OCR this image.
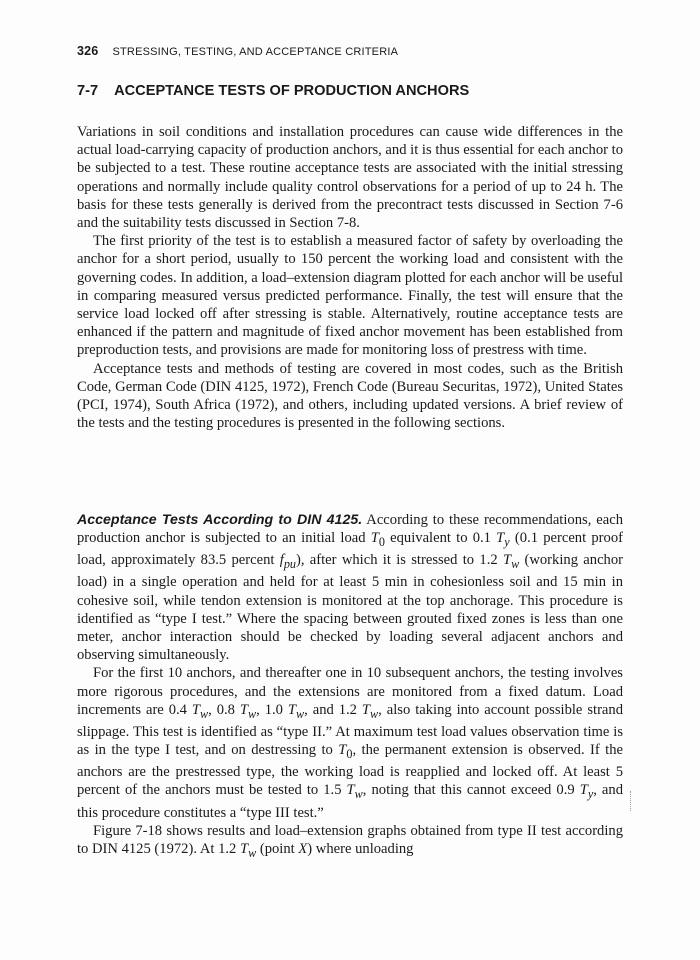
326 STRESSING, TESTING, AND ACCEPTANCE CRITERIA
7-7 ACCEPTANCE TESTS OF PRODUCTION ANCHORS

Variations in soil conditions and installation procedures can cause wide differences in the actual load-carrying capacity of production anchors, and it is thus essential for each anchor to be subjected to a test. These routine acceptance tests are associated with the initial stressing operations and normally include quality control observations for a period of up to 24 h. The basis for these tests generally is derived from the precontract tests discussed in Section 7-6 and the suitability tests discussed in Section 7-8.

The first priority of the test is to establish a measured factor of safety by overloading the anchor for a short period, usually to 150 percent the working load and consistent with the governing codes. In addition, a load–extension diagram plotted for each anchor will be useful in comparing measured versus predicted performance. Finally, the test will ensure that the service load locked off after stressing is stable. Alternatively, routine acceptance tests are enhanced if the pattern and magnitude of fixed anchor movement has been established from preproduction tests, and provisions are made for monitoring loss of prestress with time.

Acceptance tests and methods of testing are covered in most codes, such as the British Code, German Code (DIN 4125, 1972), French Code (Bureau Securitas, 1972), United States (PCI, 1974), South Africa (1972), and others, including updated versions. A brief review of the tests and the testing procedures is presented in the following sections.

Acceptance Tests According to DIN 4125. According to these recommendations, each production anchor is subjected to an initial load $T_0$ equivalent to 0.1 $T_y$ (0.1 percent proof load, approximately 83.5 percent $f_{pu}$), after which it is stressed to 1.2 $T_w$ (working anchor load) in a single operation and held for at least 5 min in cohesionless soil and 15 min in cohesive soil, while tendon extension is monitored at the top anchorage. This procedure is identified as “type I test.” Where the spacing between grouted fixed zones is less than one meter, anchor interaction should be checked by loading several adjacent anchors and observing simultaneously.

For the first 10 anchors, and thereafter one in 10 subsequent anchors, the testing involves more rigorous procedures, and the extensions are monitored from a fixed datum. Load increments are 0.4 $T_w$, 0.8 $T_w$, 1.0 $T_w$, and 1.2 $T_w$, also taking into account possible strand slippage. This test is identified as “type II.” At maximum test load values observation time is as in the type I test, and on destressing to $T_0$, the permanent extension is observed. If the anchors are the prestressed type, the working load is reapplied and locked off. At least 5 percent of the anchors must be tested to 1.5 $T_w$, noting that this cannot exceed 0.9 $T_y$, and this procedure constitutes a “type III test.”

Figure 7-18 shows results and load–extension graphs obtained from type II test according to DIN 4125 (1972). At 1.2 $T_w$ (point X) where unloading
